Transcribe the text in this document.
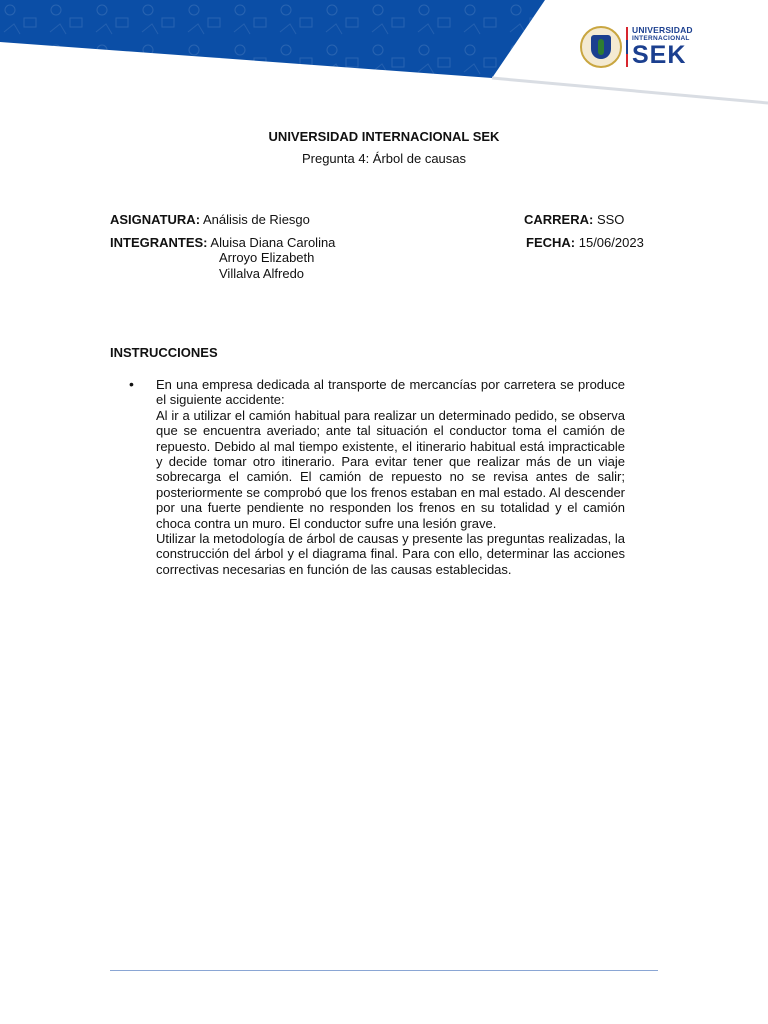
UNIVERSIDAD
INTERNACIONAL
SEK
UNIVERSIDAD INTERNACIONAL SEK
Pregunta 4: Árbol de causas
ASIGNATURA: Análisis de Riesgo	CARRERA: SSO
INTEGRANTES: Aluisa Diana Carolina
Arroyo Elizabeth
Villalva Alfredo
FECHA: 15/06/2023
INSTRUCCIONES
• En una empresa dedicada al transporte de mercancías por carretera se produce el siguiente accidente:

Al ir a utilizar el camión habitual para realizar un determinado pedido, se observa que se encuentra averiado; ante tal situación el conductor toma el camión de repuesto. Debido al mal tiempo existente, el itinerario habitual está impracticable y decide tomar otro itinerario. Para evitar tener que realizar más de un viaje sobrecarga el camión. El camión de repuesto no se revisa antes de salir; posteriormente se comprobó que los frenos estaban en mal estado. Al descender por una fuerte pendiente no responden los frenos en su totalidad y el camión choca contra un muro. El conductor sufre una lesión grave.

Utilizar la metodología de árbol de causas y presente las preguntas realizadas, la construcción del árbol y el diagrama final. Para con ello, determinar las acciones correctivas necesarias en función de las causas establecidas.
